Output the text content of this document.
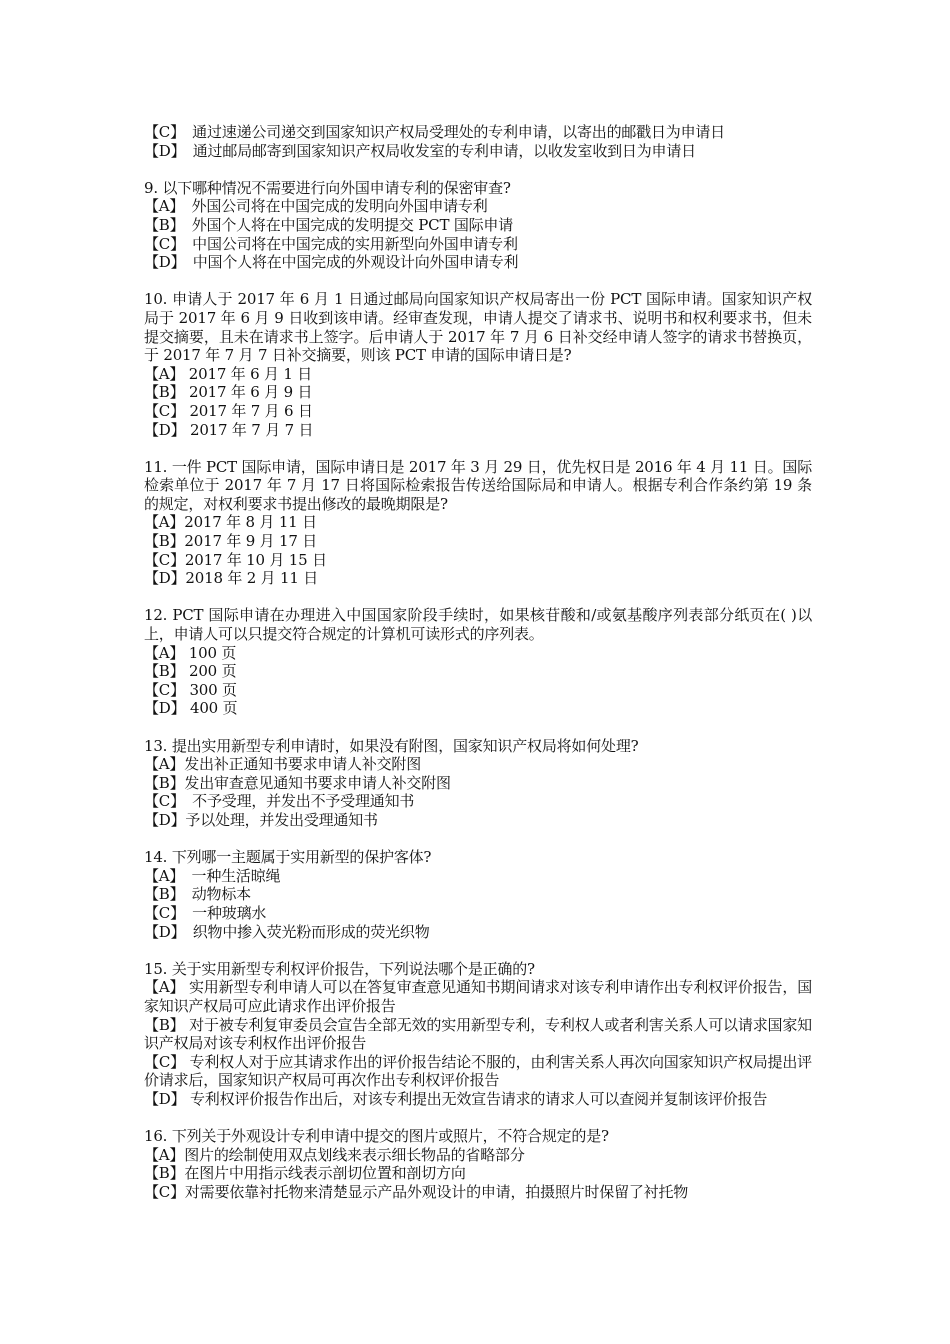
【C】　通过速递公司递交到国家知识产权局受理处的专利申请，以寄出的邮戳日为申请日
【D】　通过邮局邮寄到国家知识产权局收发室的专利申请，以收发室收到日为申请日
9. 以下哪种情况不需要进行向外国申请专利的保密审查?
【A】　外国公司将在中国完成的发明向外国申请专利
【B】　外国个人将在中国完成的发明提交 PCT 国际申请
【C】　中国公司将在中国完成的实用新型向外国申请专利
【D】　中国个人将在中国完成的外观设计向外国申请专利
10. 申请人于 2017 年 6 月 1 日通过邮局向国家知识产权局寄出一份 PCT 国际申请。国家知识产权局于 2017 年 6 月 9 日收到该申请。经审查发现，申请人提交了请求书、说明书和权利要求书，但未提交摘要，且未在请求书上签字。后申请人于 2017 年 7 月 6 日补交经申请人签字的请求书替换页，于 2017 年 7 月 7 日补交摘要，则该 PCT 申请的国际申请日是?
【A】 2017 年 6 月 1 日
【B】 2017 年 6 月 9 日
【C】 2017 年 7 月 6 日
【D】 2017 年 7 月 7 日
11. 一件 PCT 国际申请，国际申请日是 2017 年 3 月 29 日，优先权日是 2016 年 4 月 11 日。国际检索单位于 2017 年 7 月 17 日将国际检索报告传送给国际局和申请人。根据专利合作条约第 19 条的规定，对权利要求书提出修改的最晚期限是?
【A】2017 年 8 月 11 日
【B】2017 年 9 月 17 日
【C】2017 年 10 月 15 日
【D】2018 年 2 月 11 日
12. PCT 国际申请在办理进入中国国家阶段手续时，如果核苷酸和/或氨基酸序列表部分纸页在( )以上，申请人可以只提交符合规定的计算机可读形式的序列表。
【A】 100 页
【B】 200 页
【C】 300 页
【D】 400 页
13. 提出实用新型专利申请时，如果没有附图，国家知识产权局将如何处理?
【A】发出补正通知书要求申请人补交附图
【B】发出审查意见通知书要求申请人补交附图
【C】　不予受理，并发出不予受理通知书
【D】予以处理，并发出受理通知书
14. 下列哪一主题属于实用新型的保护客体?
【A】　一种生活晾绳
【B】　动物标本
【C】　一种玻璃水
【D】　织物中掺入荧光粉而形成的荧光织物
15. 关于实用新型专利权评价报告，下列说法哪个是正确的?
【A】 实用新型专利申请人可以在答复审查意见通知书期间请求对该专利申请作出专利权评价报告，国家知识产权局可应此请求作出评价报告
【B】 对于被专利复审委员会宣告全部无效的实用新型专利，专利权人或者利害关系人可以请求国家知识产权局对该专利权作出评价报告
【C】 专利权人对于应其请求作出的评价报告结论不服的，由利害关系人再次向国家知识产权局提出评价请求后，国家知识产权局可再次作出专利权评价报告
【D】 专利权评价报告作出后，对该专利提出无效宣告请求的请求人可以查阅并复制该评价报告
16. 下列关于外观设计专利申请中提交的图片或照片，不符合规定的是?
【A】图片的绘制使用双点划线来表示细长物品的省略部分
【B】在图片中用指示线表示剖切位置和剖切方向
【C】对需要依靠衬托物来清楚显示产品外观设计的申请，拍摄照片时保留了衬托物
